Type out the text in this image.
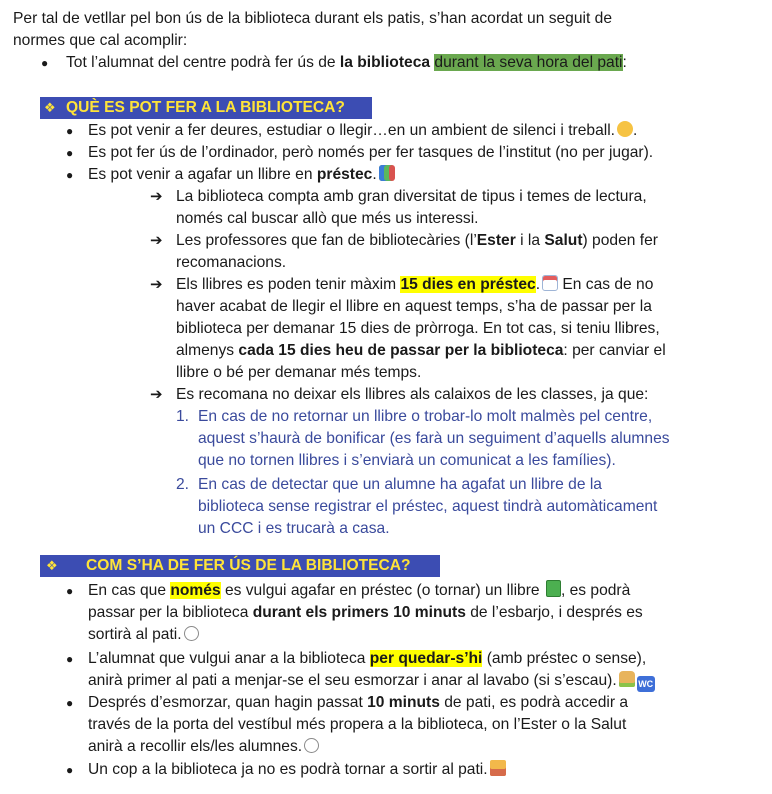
Per tal de vetllar pel bon ús de la biblioteca durant els patis, s’han acordat un seguit de
normes que cal acomplir:
● Tot l’alumnat del centre podrà fer ús de la biblioteca durant la seva hora del pati:
❖ QUÈ ES POT FER A LA BIBLIOTECA?
● Es pot venir a fer deures, estudiar o llegir…en un ambient de silenci i treball. .
● Es pot fer ús de l’ordinador, però només per fer tasques de l’institut (no per jugar).
● Es pot venir a agafar un llibre en préstec.
➔ La biblioteca compta amb gran diversitat de tipus i temes de lectura,
només cal buscar allò que més us interessi.
➔ Les professores que fan de bibliotecàries (l’Ester i la Salut) poden fer
recomanacions.
➔ Els llibres es poden tenir màxim 15 dies en préstec. En cas de no
haver acabat de llegir el llibre en aquest temps, s’ha de passar per la
biblioteca per demanar 15 dies de pròrroga. En tot cas, si teniu llibres,
almenys cada 15 dies heu de passar per la biblioteca: per canviar el
llibre o bé per demanar més temps.
➔ Es recomana no deixar els llibres als calaixos de les classes, ja que:
1. En cas de no retornar un llibre o trobar-lo molt malmès pel centre,
aquest s’haurà de bonificar (es farà un seguiment d’aquells alumnes
que no tornen llibres i s’enviarà un comunicat a les famílies).
2. En cas de detectar que un alumne ha agafat un llibre de la
biblioteca sense registrar el préstec, aquest tindrà automàticament
un CCC i es trucarà a casa.
❖ COM S’HA DE FER ÚS DE LA BIBLIOTECA?
● En cas que només es vulgui agafar en préstec (o tornar) un llibre , es podrà
passar per la biblioteca durant els primers 10 minuts de l’esbarjo, i després es
sortirà al pati.
● L’alumnat que vulgui anar a la biblioteca per quedar-s’hi (amb préstec o sense),
anirà primer al pati a menjar-se el seu esmorzar i anar al lavabo (si s’escau). WC
● Després d’esmorzar, quan hagin passat 10 minuts de pati, es podrà accedir a
través de la porta del vestíbul més propera a la biblioteca, on l’Ester o la Salut
anirà a recollir els/les alumnes.
● Un cop a la biblioteca ja no es podrà tornar a sortir al pati.
